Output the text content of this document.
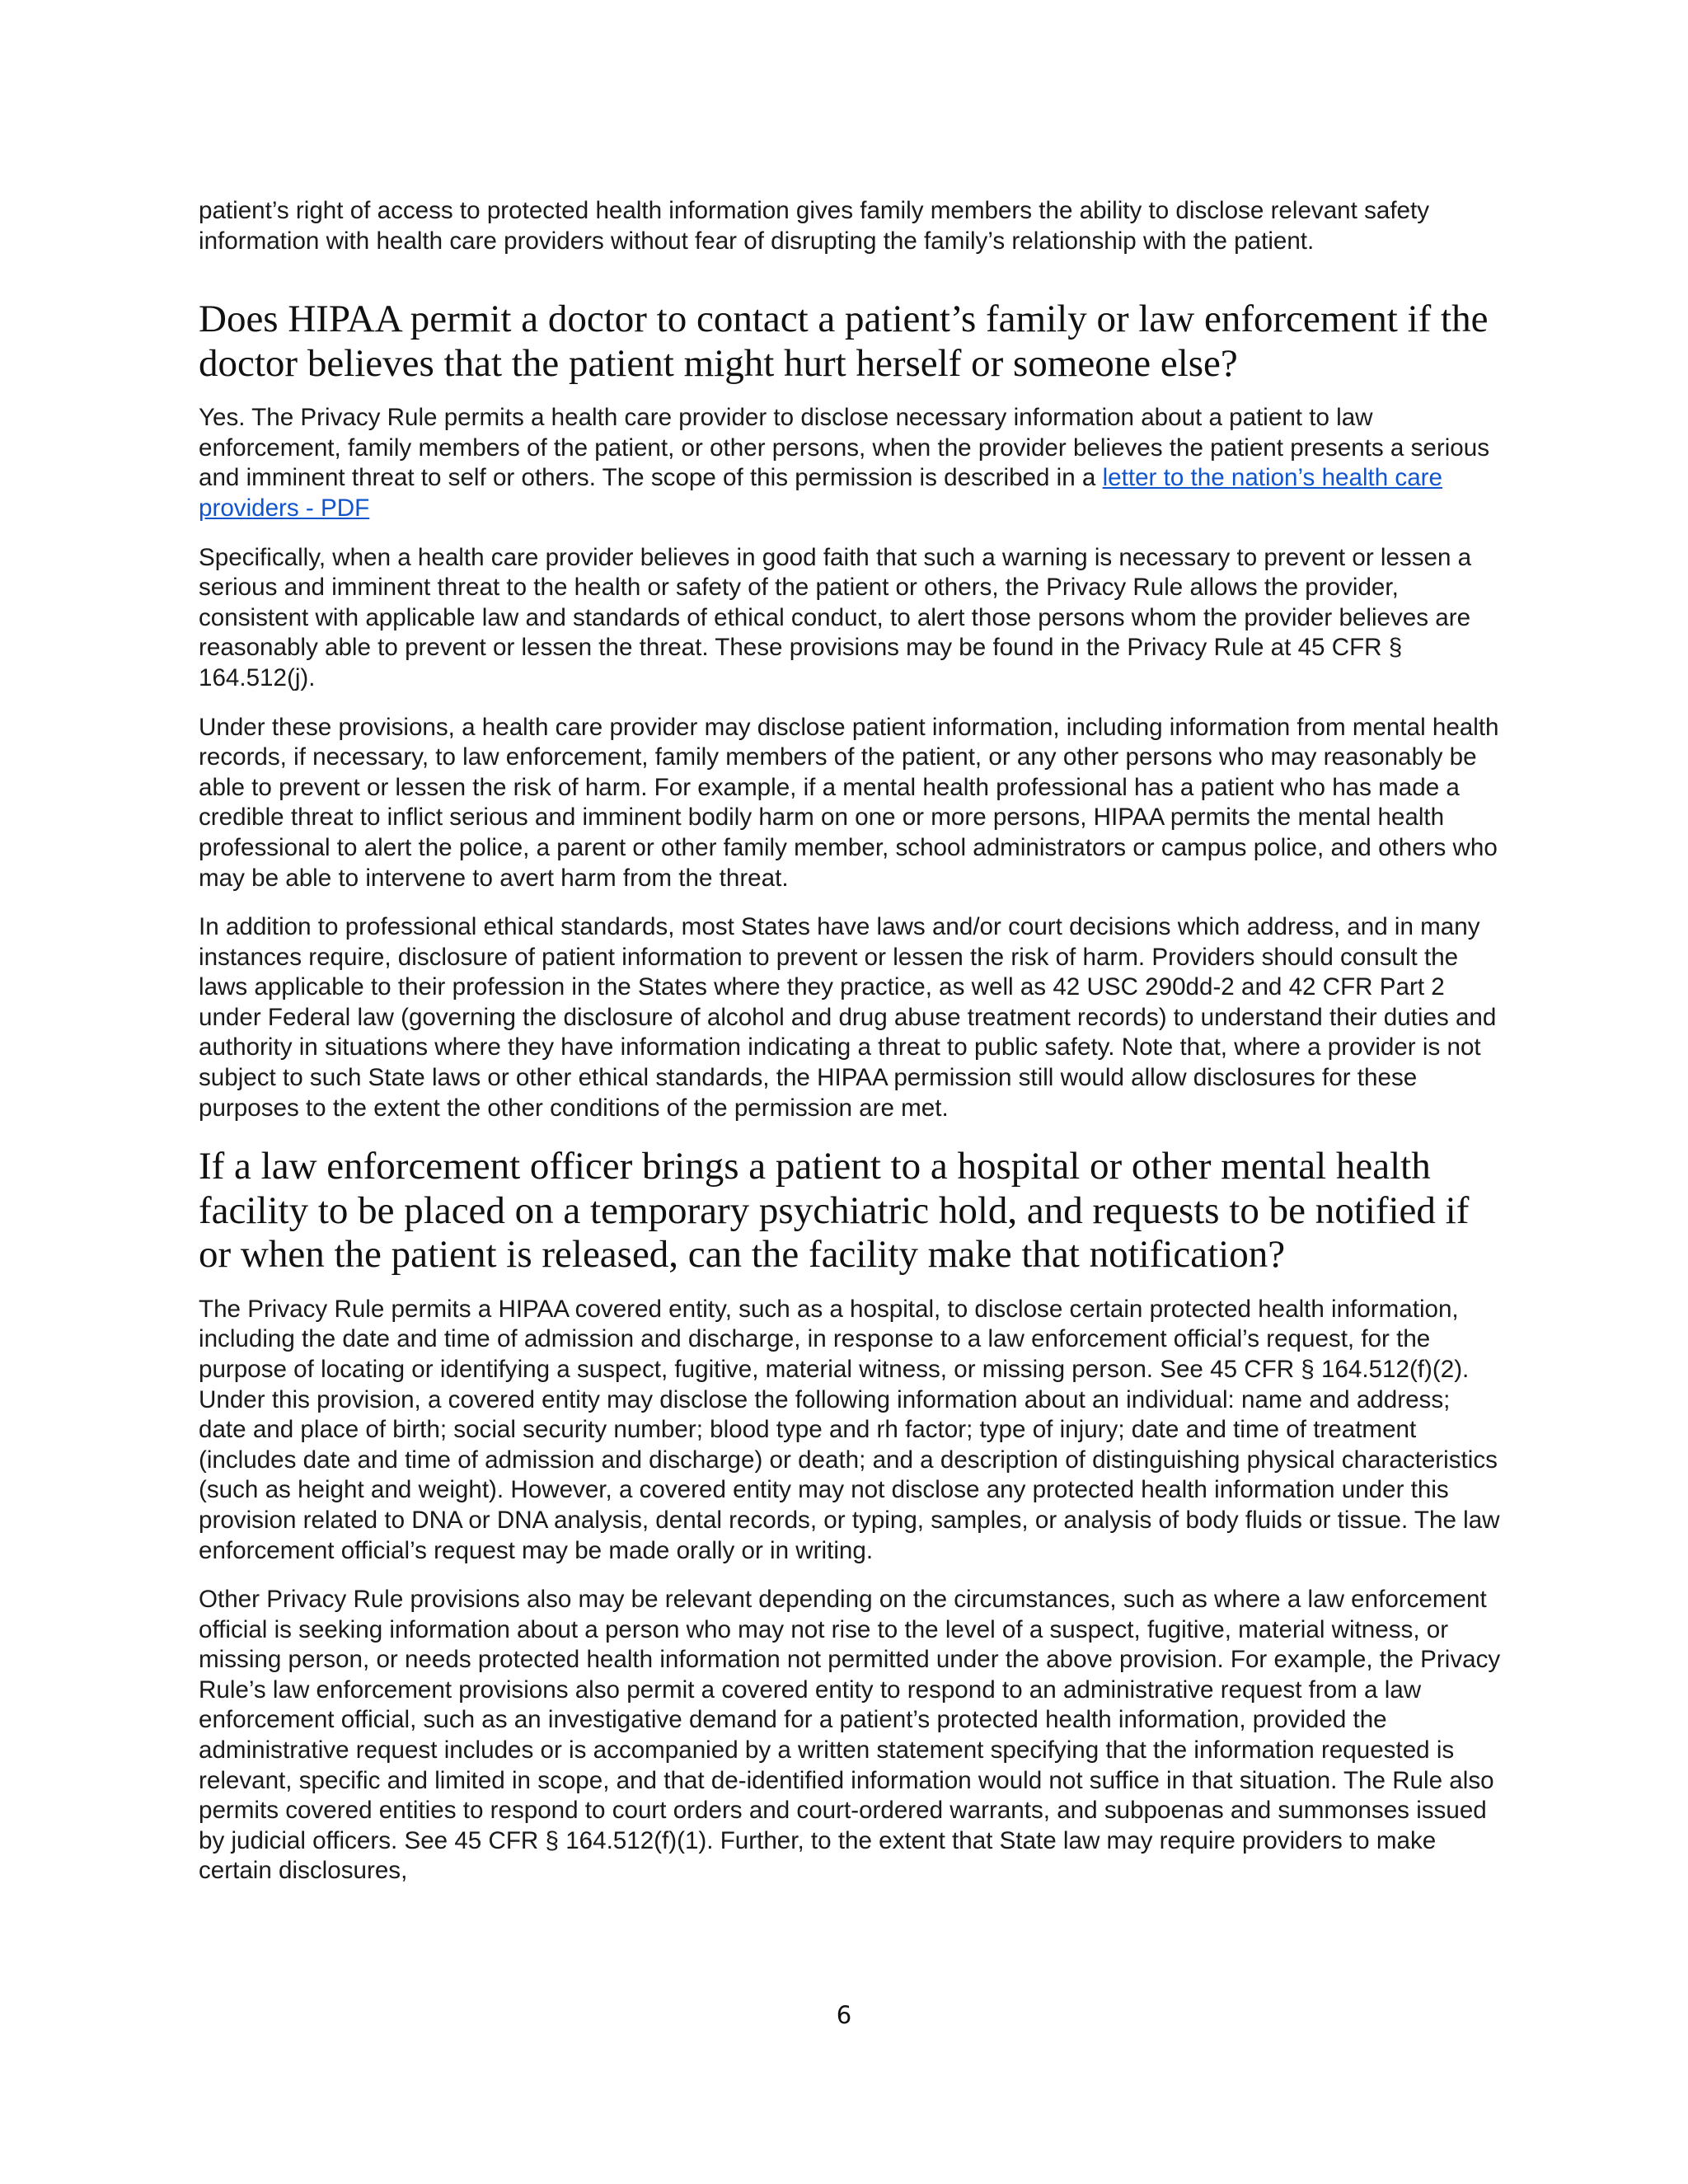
patient’s right of access to protected health information gives family members the ability to disclose relevant safety information with health care providers without fear of disrupting the family’s relationship with the patient.

Does HIPAA permit a doctor to contact a patient’s family or law enforcement if the doctor believes that the patient might hurt herself or someone else?

Yes. The Privacy Rule permits a health care provider to disclose necessary information about a patient to law enforcement, family members of the patient, or other persons, when the provider believes the patient presents a serious and imminent threat to self or others. The scope of this permission is described in a letter to the nation’s health care providers - PDF

Specifically, when a health care provider believes in good faith that such a warning is necessary to prevent or lessen a serious and imminent threat to the health or safety of the patient or others, the Privacy Rule allows the provider, consistent with applicable law and standards of ethical conduct, to alert those persons whom the provider believes are reasonably able to prevent or lessen the threat. These provisions may be found in the Privacy Rule at 45 CFR § 164.512(j).

Under these provisions, a health care provider may disclose patient information, including information from mental health records, if necessary, to law enforcement, family members of the patient, or any other persons who may reasonably be able to prevent or lessen the risk of harm. For example, if a mental health professional has a patient who has made a credible threat to inflict serious and imminent bodily harm on one or more persons, HIPAA permits the mental health professional to alert the police, a parent or other family member, school administrators or campus police, and others who may be able to intervene to avert harm from the threat.

In addition to professional ethical standards, most States have laws and/or court decisions which address, and in many instances require, disclosure of patient information to prevent or lessen the risk of harm. Providers should consult the laws applicable to their profession in the States where they practice, as well as 42 USC 290dd-2 and 42 CFR Part 2 under Federal law (governing the disclosure of alcohol and drug abuse treatment records) to understand their duties and authority in situations where they have information indicating a threat to public safety. Note that, where a provider is not subject to such State laws or other ethical standards, the HIPAA permission still would allow disclosures for these purposes to the extent the other conditions of the permission are met.

If a law enforcement officer brings a patient to a hospital or other mental health facility to be placed on a temporary psychiatric hold, and requests to be notified if or when the patient is released, can the facility make that notification?

The Privacy Rule permits a HIPAA covered entity, such as a hospital, to disclose certain protected health information, including the date and time of admission and discharge, in response to a law enforcement official’s request, for the purpose of locating or identifying a suspect, fugitive, material witness, or missing person. See 45 CFR § 164.512(f)(2). Under this provision, a covered entity may disclose the following information about an individual: name and address; date and place of birth; social security number; blood type and rh factor; type of injury; date and time of treatment (includes date and time of admission and discharge) or death; and a description of distinguishing physical characteristics (such as height and weight). However, a covered entity may not disclose any protected health information under this provision related to DNA or DNA analysis, dental records, or typing, samples, or analysis of body fluids or tissue. The law enforcement official’s request may be made orally or in writing.

Other Privacy Rule provisions also may be relevant depending on the circumstances, such as where a law enforcement official is seeking information about a person who may not rise to the level of a suspect, fugitive, material witness, or missing person, or needs protected health information not permitted under the above provision. For example, the Privacy Rule’s law enforcement provisions also permit a covered entity to respond to an administrative request from a law enforcement official, such as an investigative demand for a patient’s protected health information, provided the administrative request includes or is accompanied by a written statement specifying that the information requested is relevant, specific and limited in scope, and that de-identified information would not suffice in that situation. The Rule also permits covered entities to respond to court orders and court-ordered warrants, and subpoenas and summonses issued by judicial officers. See 45 CFR § 164.512(f)(1). Further, to the extent that State law may require providers to make certain disclosures,

6
